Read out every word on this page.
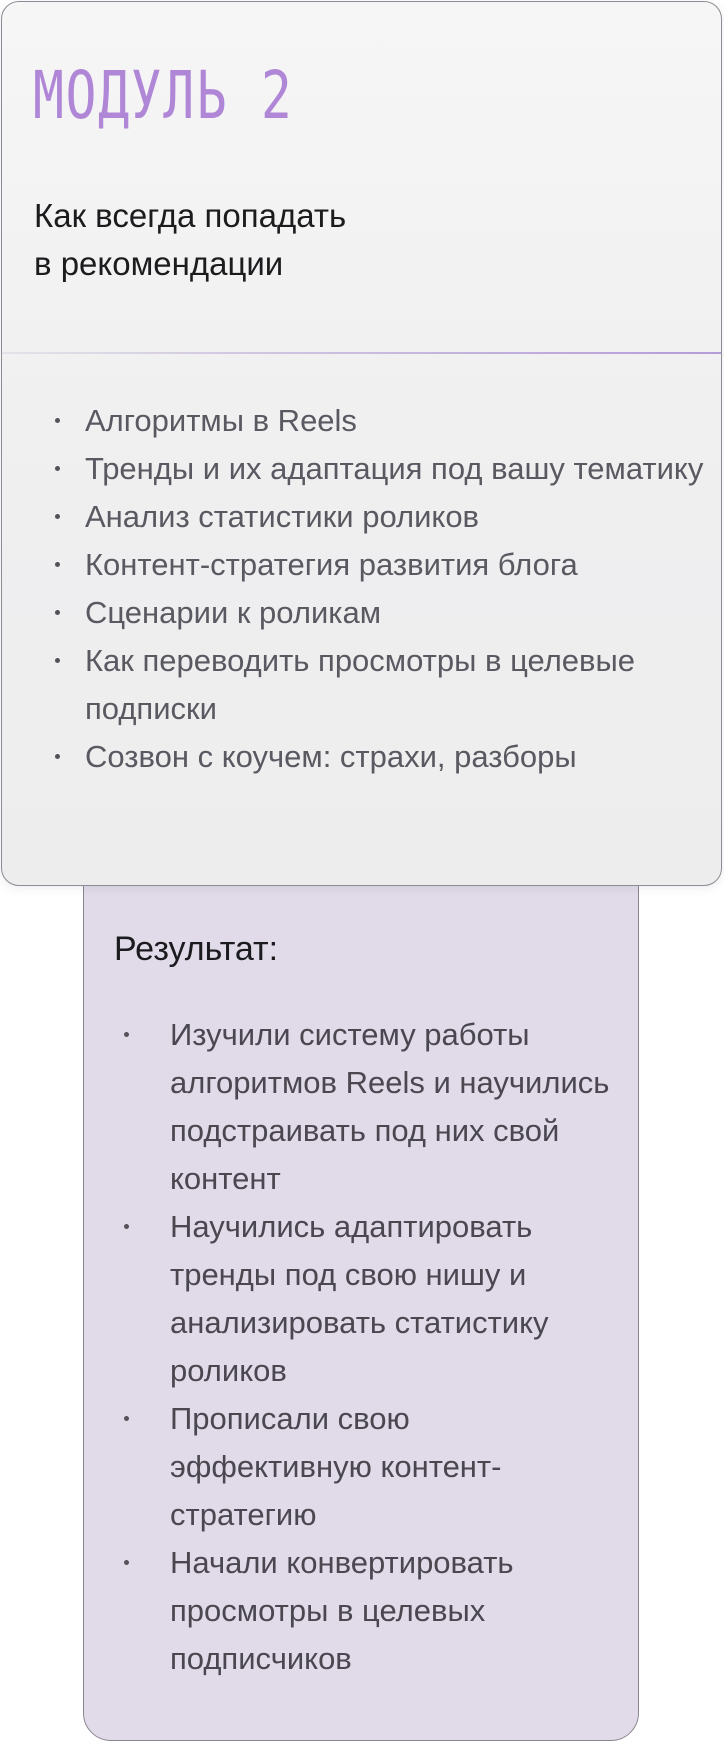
Результат:
Изучили систему работы алгоритмов Reels и научились подстраивать под них свой контент
Научились адаптировать тренды под свою нишу и анализировать статистику роликов
Прописали свою эффективную контент-стратегию
Начали конвертировать просмотры в целевых подписчиков
МОДУЛЬ 2

Как всегда попадать
в рекомендации

Алгоритмы в Reels
Тренды и их адаптация под вашу тематику
Анализ статистики роликов
Контент-стратегия развития блога
Сценарии к роликам
Как переводить просмотры в целевые подписки
Созвон с коучем: страхи, разборы
